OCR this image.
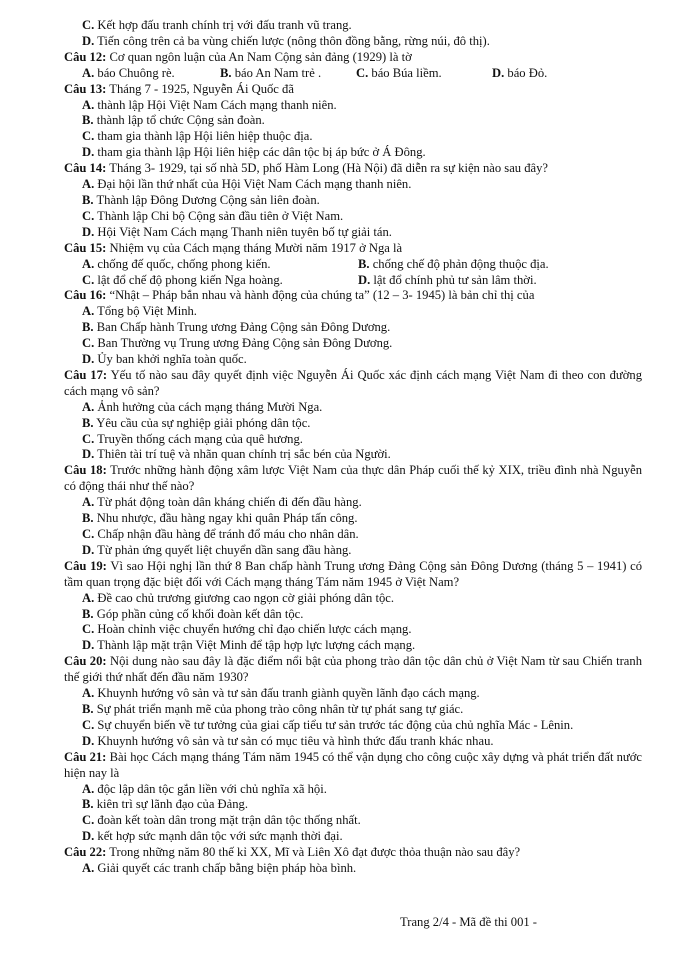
C. Kết hợp đấu tranh chính trị với đấu tranh vũ trang.
D. Tiến công trên cả ba vùng chiến lược (nông thôn đồng bằng, rừng núi, đô thị).
Câu 12: Cơ quan ngôn luận của An Nam Cộng sản đảng (1929) là tờ
A. báo Chuông rè.	B. báo An Nam trẻ .	C. báo Búa liềm.	D. báo Đỏ.
Câu 13: Tháng 7 - 1925, Nguyễn Ái Quốc đã
A. thành lập Hội Việt Nam Cách mạng thanh niên.
B. thành lập tổ chức Cộng sản đoàn.
C. tham gia thành lập Hội liên hiệp thuộc địa.
D. tham gia thành lập Hội liên hiệp các dân tộc bị áp bức ở Á Đông.
Câu 14: Tháng 3- 1929, tại số nhà 5D, phố Hàm Long (Hà Nội) đã diễn ra sự kiện nào sau đây?
A. Đại hội lần thứ nhất của Hội Việt Nam Cách mạng thanh niên.
B. Thành lập Đông Dương Cộng sản liên đoàn.
C. Thành lập Chi bộ Cộng sản đầu tiên ở Việt Nam.
D. Hội Việt Nam Cách mạng Thanh niên tuyên bố tự giải tán.
Câu 15: Nhiệm vụ của Cách mạng tháng Mười năm 1917 ở Nga là
A. chống đế quốc, chống phong kiến.	B. chống chế độ phản động thuộc địa.
C. lật đổ chế độ phong kiến Nga hoàng.	D. lật đổ chính phủ tư sản lâm thời.
Câu 16: “Nhật – Pháp bắn nhau và hành động của chúng ta” (12 – 3- 1945) là bản chỉ thị của
A. Tổng bộ Việt Minh.
B. Ban Chấp hành Trung ương Đảng Cộng sản Đông Dương.
C. Ban Thường vụ Trung ương Đảng Cộng sản Đông Dương.
D. Ủy ban khởi nghĩa toàn quốc.
Câu 17: Yếu tố nào sau đây quyết định việc Nguyễn Ái Quốc xác định cách mạng Việt Nam đi theo con đường cách mạng vô sản?
A. Ảnh hưởng của cách mạng tháng Mười Nga.
B. Yêu cầu của sự nghiệp giải phóng dân tộc.
C. Truyền thống cách mạng của quê hương.
D. Thiên tài trí tuệ và nhãn quan chính trị sắc bén của Người.
Câu 18: Trước những hành động xâm lược Việt Nam của thực dân Pháp cuối thế kỷ XIX, triều đình nhà Nguyễn có động thái như thế nào?
A. Từ phát động toàn dân kháng chiến đi đến đầu hàng.
B. Nhu nhược, đầu hàng ngay khi quân Pháp tấn công.
C. Chấp nhận đầu hàng để tránh đổ máu cho nhân dân.
D. Từ phản ứng quyết liệt chuyển dần sang đầu hàng.
Câu 19: Vì sao Hội nghị lần thứ 8 Ban chấp hành Trung ương Đảng Cộng sản Đông Dương (tháng 5 – 1941) có tầm quan trọng đặc biệt đối với Cách mạng tháng Tám năm 1945 ở Việt Nam?
A. Đề cao chủ trương giương cao ngọn cờ giải phóng dân tộc.
B. Góp phần củng cố khối đoàn kết dân tộc.
C. Hoàn chỉnh việc chuyển hướng chỉ đạo chiến lược cách mạng.
D. Thành lập mặt trận Việt Minh để tập hợp lực lượng cách mạng.
Câu 20: Nội dung nào sau đây là đặc điểm nổi bật của phong trào dân tộc dân chủ ở Việt Nam từ sau Chiến tranh thế giới thứ nhất đến đầu năm 1930?
A. Khuynh hướng vô sản và tư sản đấu tranh giành quyền lãnh đạo cách mạng.
B. Sự phát triển mạnh mẽ của phong trào công nhân từ tự phát sang tự giác.
C. Sự chuyển biến về tư tưởng của giai cấp tiểu tư sản trước tác động của chủ nghĩa Mác - Lênin.
D. Khuynh hướng vô sản và tư sản có mục tiêu và hình thức đấu tranh khác nhau.
Câu 21: Bài học Cách mạng tháng Tám năm 1945 có thể vận dụng cho công cuộc xây dựng và phát triển đất nước hiện nay là
A. độc lập dân tộc gắn liền với chủ nghĩa xã hội.
B. kiên trì sự lãnh đạo của Đảng.
C. đoàn kết toàn dân trong mặt trận dân tộc thống nhất.
D. kết hợp sức mạnh dân tộc với sức mạnh thời đại.
Câu 22: Trong những năm 80 thế kỉ XX, Mĩ và Liên Xô đạt được thỏa thuận nào sau đây?
A. Giải quyết các tranh chấp bằng biện pháp hòa bình.
Trang 2/4 - Mã đề thi 001 -
